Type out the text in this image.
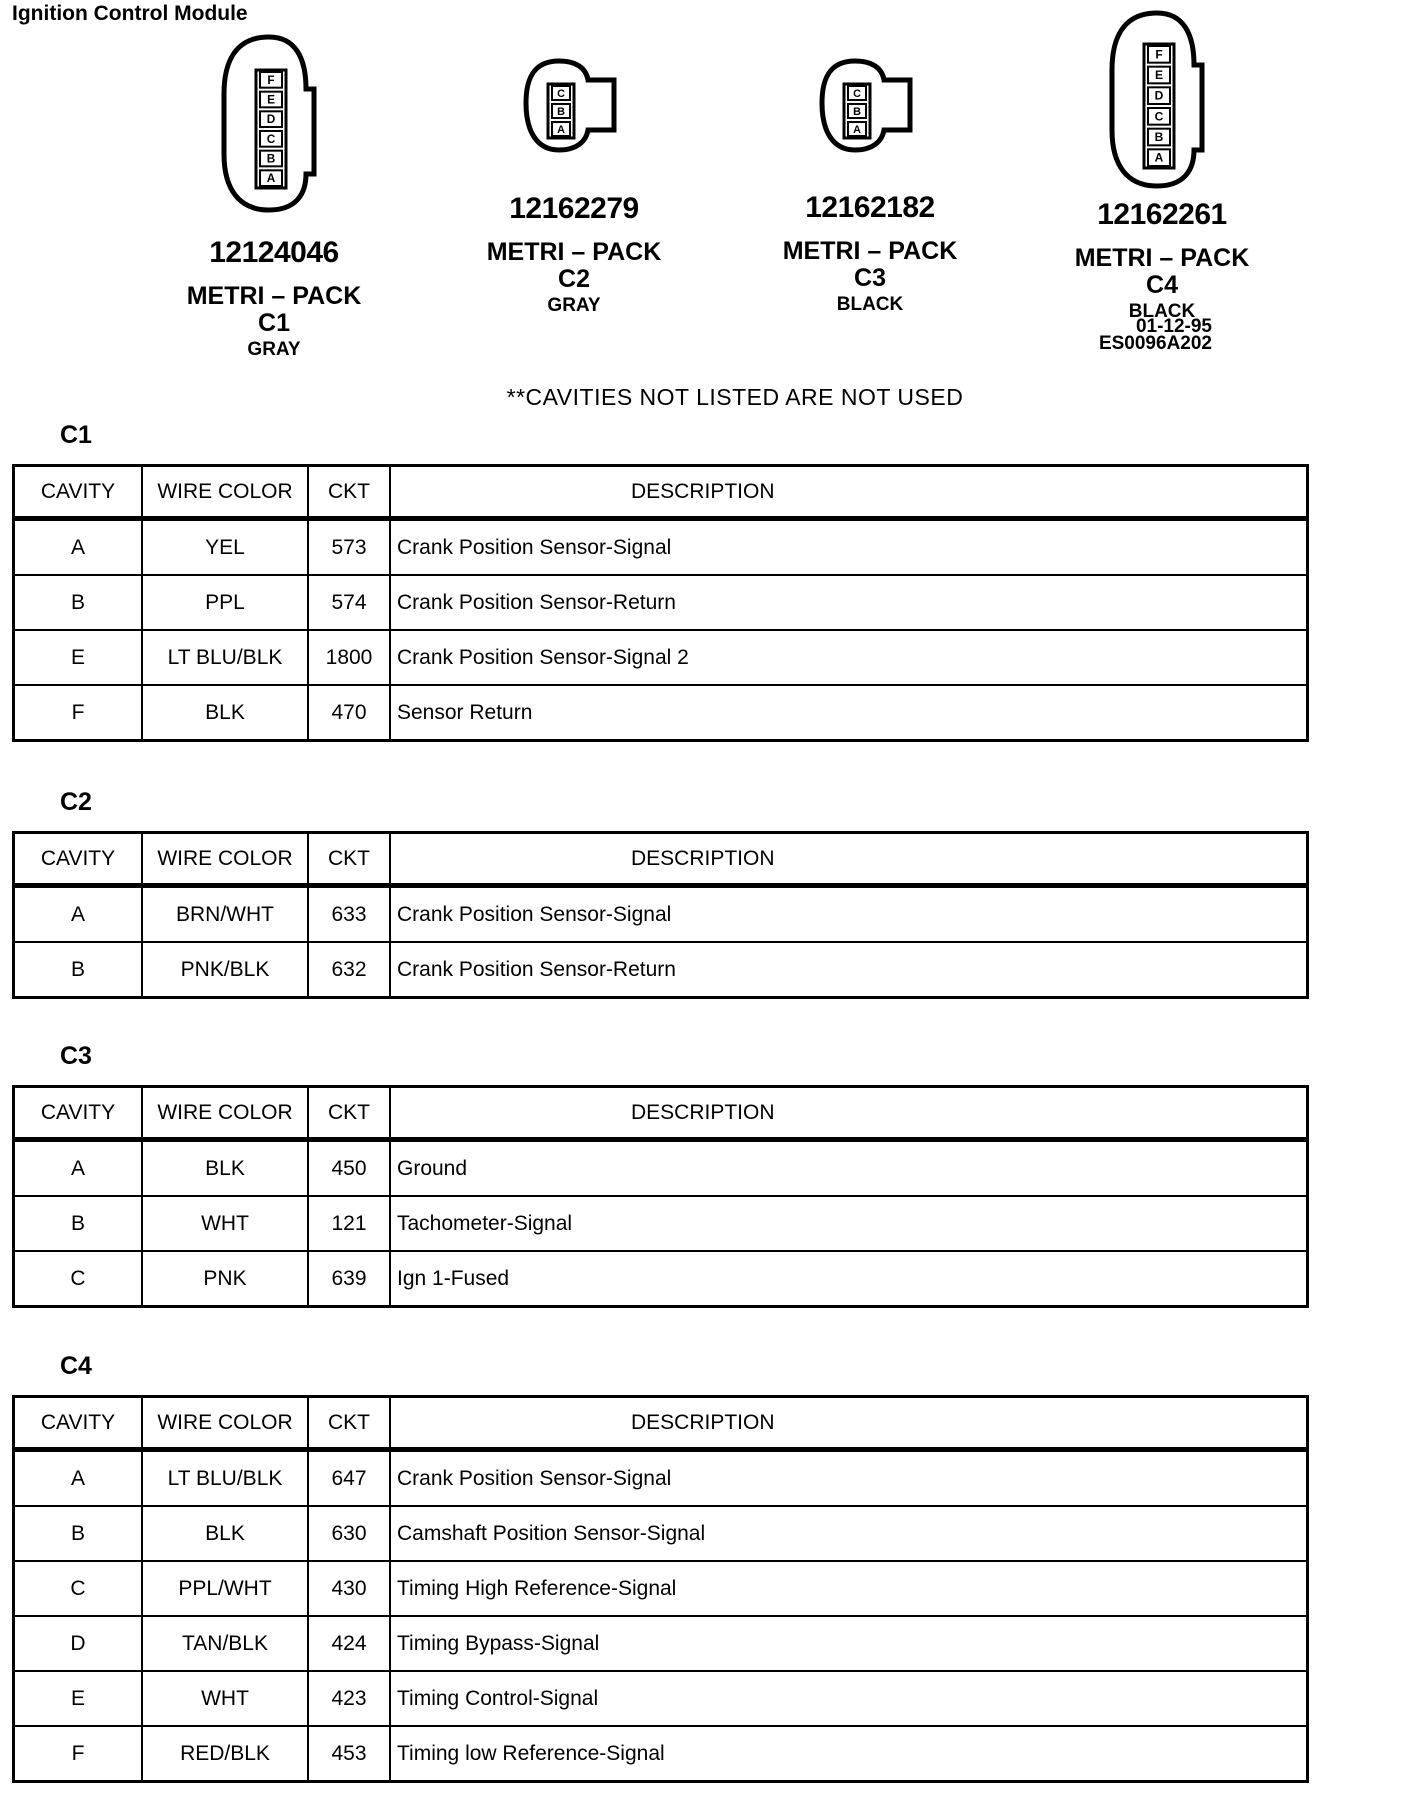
Ignition Control Module
F
E
D
C
B
A
12124046
METRI – PACK
C1
GRAY
C
B
A
12162279
METRI – PACK
C2
GRAY
C
B
A
12162182
METRI – PACK
C3
BLACK
F
E
D
C
B
A
12162261
METRI – PACK
C4
BLACK
01-12-95
ES0096A202
**CAVITIES NOT LISTED ARE NOT USED
C1
CAVITY	WIRE COLOR	CKT	DESCRIPTION
A	YEL	573	Crank Position Sensor-Signal
B	PPL	574	Crank Position Sensor-Return
E	LT BLU/BLK	1800	Crank Position Sensor-Signal 2
F	BLK	470	Sensor Return
C2
CAVITY	WIRE COLOR	CKT	DESCRIPTION
A	BRN/WHT	633	Crank Position Sensor-Signal
B	PNK/BLK	632	Crank Position Sensor-Return
C3
CAVITY	WIRE COLOR	CKT	DESCRIPTION
A	BLK	450	Ground
B	WHT	121	Tachometer-Signal
C	PNK	639	Ign 1-Fused
C4
CAVITY	WIRE COLOR	CKT	DESCRIPTION
A	LT BLU/BLK	647	Crank Position Sensor-Signal
B	BLK	630	Camshaft Position Sensor-Signal
C	PPL/WHT	430	Timing High Reference-Signal
D	TAN/BLK	424	Timing Bypass-Signal
E	WHT	423	Timing Control-Signal
F	RED/BLK	453	Timing low Reference-Signal
